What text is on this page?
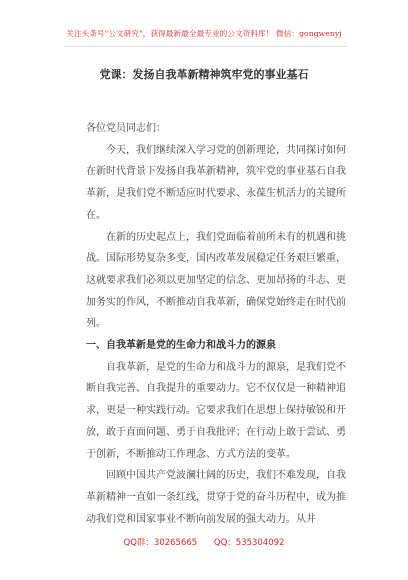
关注头条号"公文研究"，获得最新最全最专业的公文资料库！ 微信：gongwenyj
党课：发扬自我革新精神筑牢党的事业基石

各位党员同志们：

今天，我们继续深入学习党的创新理论，共同探讨如何在新时代背景下发扬自我革新精神，筑牢党的事业基石自我革新，是我们党不断适应时代要求、永葆生机活力的关键所在。

在新的历史起点上，我们党面临着前所未有的机遇和挑战。国际形势复杂多变，国内改革发展稳定任务艰巨繁重，这就要求我们必须以更加坚定的信念、更加昂扬的斗志、更加务实的作风，不断推动自我革新，确保党始终走在时代前列。

一、自我革新是党的生命力和战斗力的源泉

自我革新，是党的生命力和战斗力的源泉，是我们党不断自我完善、自我提升的重要动力。它不仅仅是一种精神追求，更是一种实践行动。它要求我们在思想上保持敏锐和开放，敢于直面问题、勇于自我批评；在行动上敢于尝试、勇于创新，不断推动工作理念、方式方法的变革。

回顾中国共产党波澜壮阔的历史，我们不难发现，自我革新精神一直如一条红线，贯穿于党的奋斗历程中，成为推动我们党和国家事业不断向前发展的强大动力。从井

QQ群：30265665 QQ：535304092
